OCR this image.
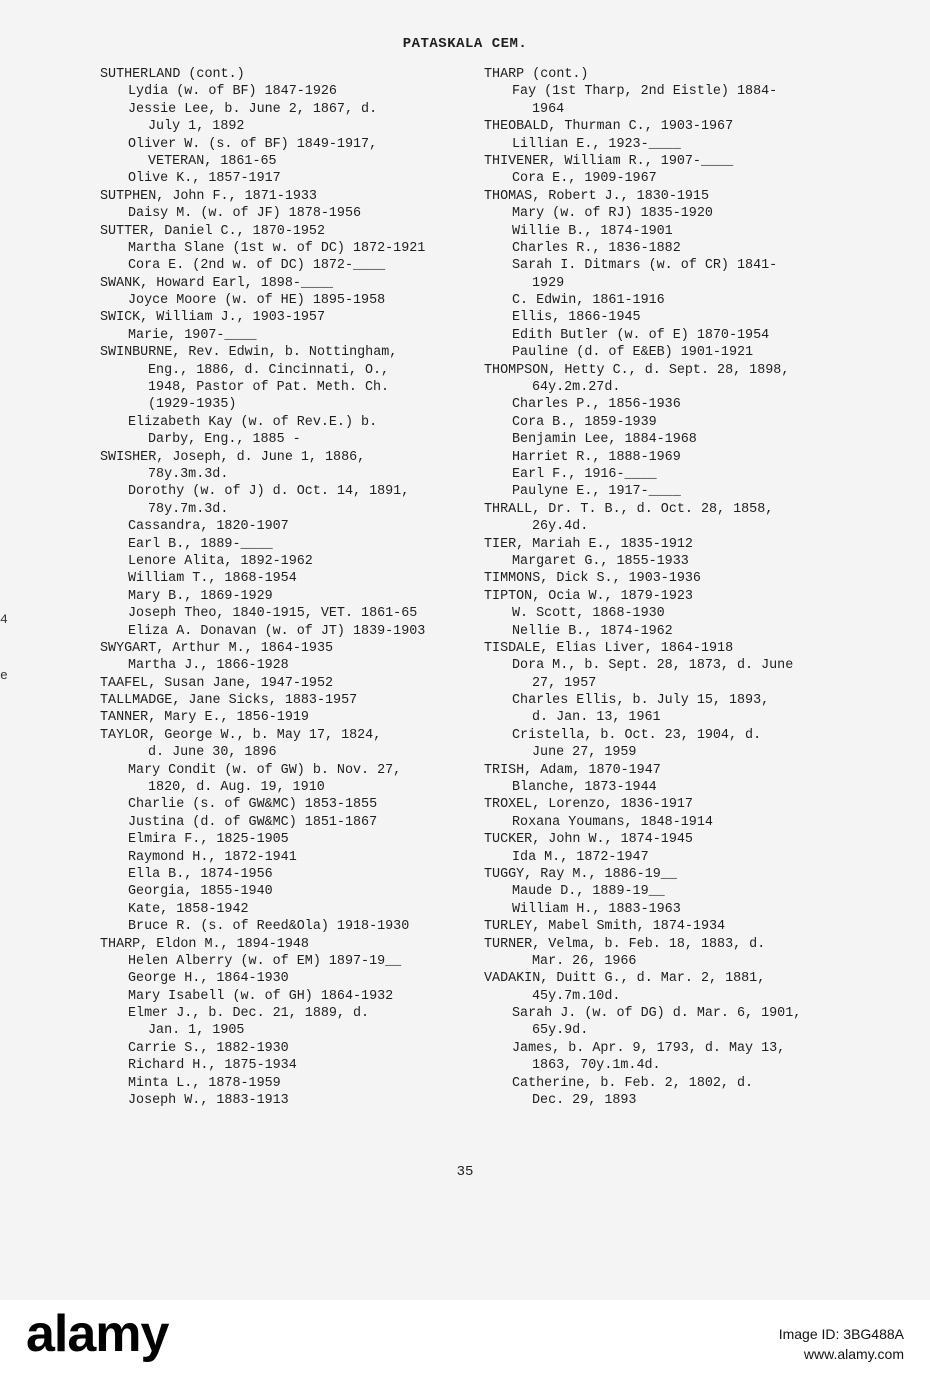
PATASKALA CEM.
SUTHERLAND (cont.)
Lydia (w. of BF) 1847-1926
Jessie Lee, b. June 2, 1867, d.
July 1, 1892
Oliver W. (s. of BF) 1849-1917,
VETERAN, 1861-65
Olive K., 1857-1917
SUTPHEN, John F., 1871-1933
Daisy M. (w. of JF) 1878-1956
SUTTER, Daniel C., 1870-1952
Martha Slane (1st w. of DC) 1872-1921
Cora E. (2nd w. of DC) 1872-____
SWANK, Howard Earl, 1898-____
Joyce Moore (w. of HE) 1895-1958
SWICK, William J., 1903-1957
Marie, 1907-____
SWINBURNE, Rev. Edwin, b. Nottingham,
Eng., 1886, d. Cincinnati, O.,
1948, Pastor of Pat. Meth. Ch.
(1929-1935)
Elizabeth Kay (w. of Rev.E.) b.
Darby, Eng., 1885 -
SWISHER, Joseph, d. June 1, 1886,
78y.3m.3d.
Dorothy (w. of J) d. Oct. 14, 1891,
78y.7m.3d.
Cassandra, 1820-1907
Earl B., 1889-____
Lenore Alita, 1892-1962
William T., 1868-1954
Mary B., 1869-1929
Joseph Theo, 1840-1915, VET. 1861-65
Eliza A. Donavan (w. of JT) 1839-1903
SWYGART, Arthur M., 1864-1935
Martha J., 1866-1928
TAAFEL, Susan Jane, 1947-1952
TALLMADGE, Jane Sicks, 1883-1957
TANNER, Mary E., 1856-1919
TAYLOR, George W., b. May 17, 1824,
d. June 30, 1896
Mary Condit (w. of GW) b. Nov. 27,
1820, d. Aug. 19, 1910
Charlie (s. of GW&MC) 1853-1855
Justina (d. of GW&MC) 1851-1867
Elmira F., 1825-1905
Raymond H., 1872-1941
Ella B., 1874-1956
Georgia, 1855-1940
Kate, 1858-1942
Bruce R. (s. of Reed&Ola) 1918-1930
THARP, Eldon M., 1894-1948
Helen Alberry (w. of EM) 1897-19__
George H., 1864-1930
Mary Isabell (w. of GH) 1864-1932
Elmer J., b. Dec. 21, 1889, d.
Jan. 1, 1905
Carrie S., 1882-1930
Richard H., 1875-1934
Minta L., 1878-1959
Joseph W., 1883-1913
THARP (cont.)
Fay (1st Tharp, 2nd Eistle) 1884-
1964
THEOBALD, Thurman C., 1903-1967
Lillian E., 1923-____
THIVENER, William R., 1907-____
Cora E., 1909-1967
THOMAS, Robert J., 1830-1915
Mary (w. of RJ) 1835-1920
Willie B., 1874-1901
Charles R., 1836-1882
Sarah I. Ditmars (w. of CR) 1841-
1929
C. Edwin, 1861-1916
Ellis, 1866-1945
Edith Butler (w. of E) 1870-1954
Pauline (d. of E&EB) 1901-1921
THOMPSON, Hetty C., d. Sept. 28, 1898,
64y.2m.27d.
Charles P., 1856-1936
Cora B., 1859-1939
Benjamin Lee, 1884-1968
Harriet R., 1888-1969
Earl F., 1916-____
Paulyne E., 1917-____
THRALL, Dr. T. B., d. Oct. 28, 1858,
26y.4d.
TIER, Mariah E., 1835-1912
Margaret G., 1855-1933
TIMMONS, Dick S., 1903-1936
TIPTON, Ocia W., 1879-1923
W. Scott, 1868-1930
Nellie B., 1874-1962
TISDALE, Elias Liver, 1864-1918
Dora M., b. Sept. 28, 1873, d. June
27, 1957
Charles Ellis, b. July 15, 1893,
d. Jan. 13, 1961
Cristella, b. Oct. 23, 1904, d.
June 27, 1959
TRISH, Adam, 1870-1947
Blanche, 1873-1944
TROXEL, Lorenzo, 1836-1917
Roxana Youmans, 1848-1914
TUCKER, John W., 1874-1945
Ida M., 1872-1947
TUGGY, Ray M., 1886-19__
Maude D., 1889-19__
William H., 1883-1963
TURLEY, Mabel Smith, 1874-1934
TURNER, Velma, b. Feb. 18, 1883, d.
Mar. 26, 1966
VADAKIN, Duitt G., d. Mar. 2, 1881,
45y.7m.10d.
Sarah J. (w. of DG) d. Mar. 6, 1901,
65y.9d.
James, b. Apr. 9, 1793, d. May 13,
1863, 70y.1m.4d.
Catherine, b. Feb. 2, 1802, d.
Dec. 29, 1893
4
e
35
alamy	Image ID: 3BG488A
www.alamy.com
